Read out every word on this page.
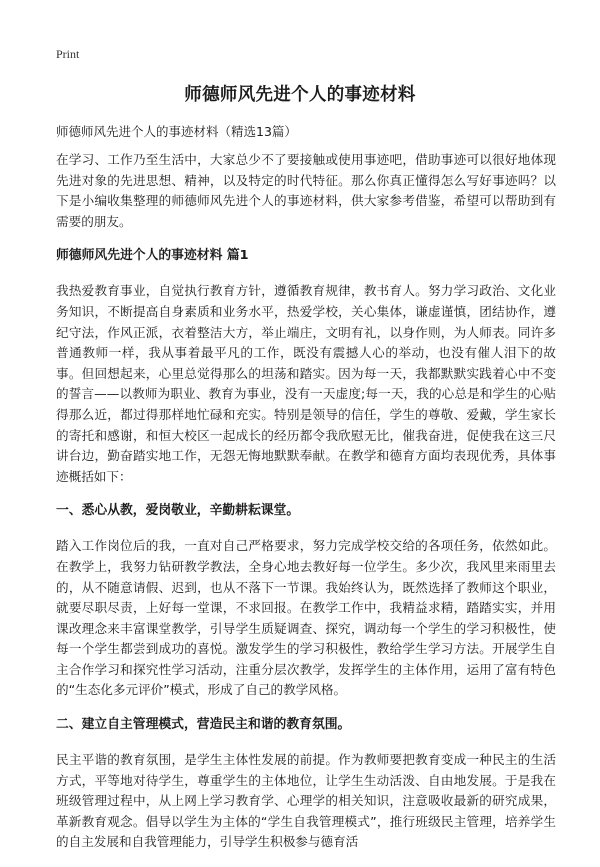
Print
师德师风先进个人的事迹材料
师德师风先进个人的事迹材料（精选13篇）

在学习、工作乃至生活中，大家总少不了要接触或使用事迹吧，借助事迹可以很好地体现先进对象的先进思想、精神，以及特定的时代特征。那么你真正懂得怎么写好事迹吗？以下是小编收集整理的师德师风先进个人的事迹材料，供大家参考借鉴，希望可以帮助到有需要的朋友。

师德师风先进个人的事迹材料 篇1

我热爱教育事业，自觉执行教育方针，遵循教育规律，教书育人。努力学习政治、文化业务知识，不断提高自身素质和业务水平，热爱学校，关心集体，谦虚谨慎，团结协作，遵纪守法，作风正派，衣着整洁大方，举止端庄，文明有礼，以身作则，为人师表。同许多普通教师一样，我从事着最平凡的工作，既没有震撼人心的举动，也没有催人泪下的故事。但回想起来，心里总觉得那么的坦荡和踏实。因为每一天，我都默默实践着心中不变的誓言——以教师为职业、教育为事业，没有一天虚度;每一天，我的心总是和学生的心贴得那么近，都过得那样地忙碌和充实。特别是领导的信任，学生的尊敬、爱戴，学生家长的寄托和感谢，和恒大校区一起成长的经历都令我欣慰无比，催我奋进，促使我在这三尺讲台边，勤奋踏实地工作，无怨无悔地默默奉献。在教学和德育方面均表现优秀，具体事迹概括如下：

一、悉心从教，爱岗敬业，辛勤耕耘课堂。

踏入工作岗位后的我，一直对自己严格要求，努力完成学校交给的各项任务，依然如此。在教学上，我努力钻研教学教法，全身心地去教好每一位学生。多少次，我风里来雨里去的，从不随意请假、迟到，也从不落下一节课。我始终认为，既然选择了教师这个职业，就要尽职尽责，上好每一堂课，不求回报。在教学工作中，我精益求精，踏踏实实，并用课改理念来丰富课堂教学，引导学生质疑调查、探究，调动每一个学生的学习积极性，使每一个学生都尝到成功的喜悦。激发学生的学习积极性，教给学生学习方法。开展学生自主合作学习和探究性学习活动，注重分层次教学，发挥学生的主体作用，运用了富有特色的“生态化多元评价”模式，形成了自己的教学风格。

二、建立自主管理模式，营造民主和谐的教育氛围。

民主平谐的教育氛围，是学生主体性发展的前提。作为教师要把教育变成一种民主的生活方式，平等地对待学生，尊重学生的主体地位，让学生生动活泼、自由地发展。于是我在班级管理过程中，从上网上学习教育学、心理学的相关知识，注意吸收最新的研究成果，革新教育观念。倡导以学生为主体的“学生自我管理模式”，推行班级民主管理，培养学生的自主发展和自我管理能力，引导学生积极参与德育活
